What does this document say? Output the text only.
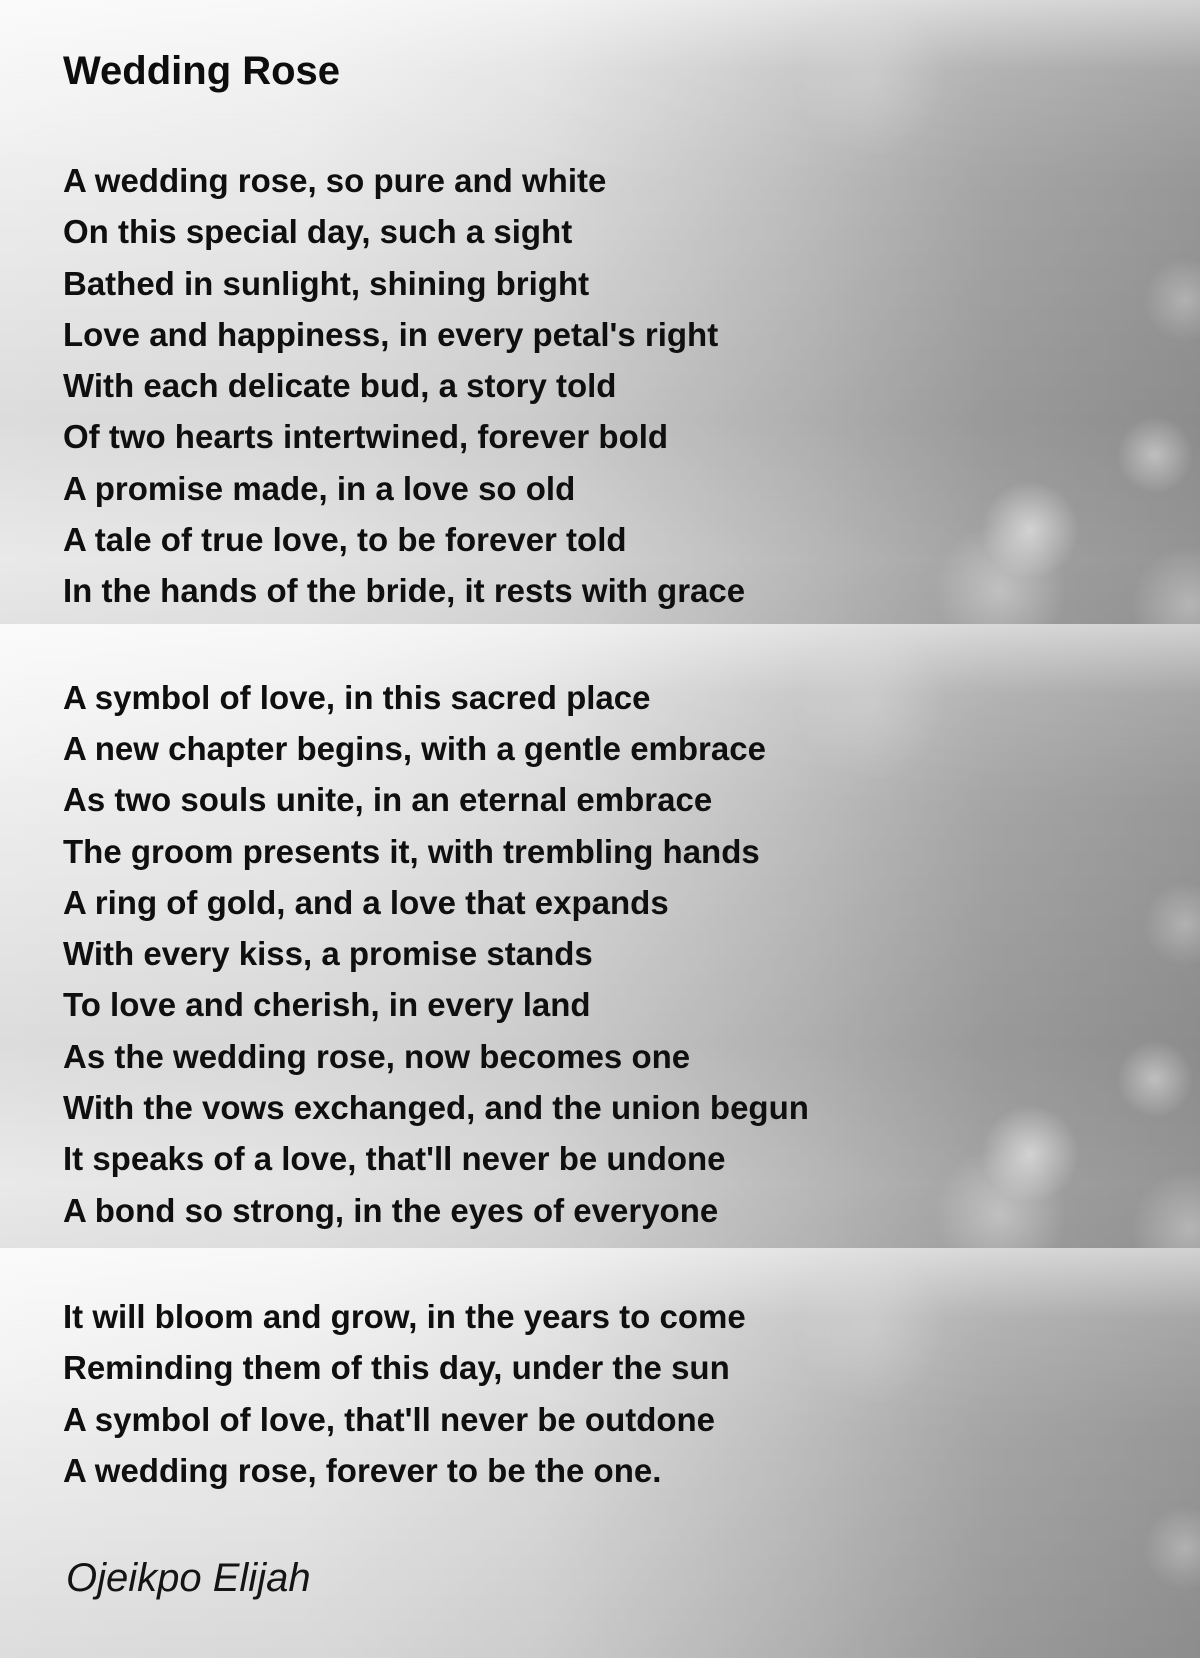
Wedding Rose

A wedding rose, so pure and white
On this special day, such a sight
Bathed in sunlight, shining bright
Love and happiness, in every petal's right
With each delicate bud, a story told
Of two hearts intertwined, forever bold
A promise made, in a love so old
A tale of true love, to be forever told
In the hands of the bride, it rests with grace

A symbol of love, in this sacred place
A new chapter begins, with a gentle embrace
As two souls unite, in an eternal embrace
The groom presents it, with trembling hands
A ring of gold, and a love that expands
With every kiss, a promise stands
To love and cherish, in every land
As the wedding rose, now becomes one
With the vows exchanged, and the union begun
It speaks of a love, that'll never be undone
A bond so strong, in the eyes of everyone

It will bloom and grow, in the years to come
Reminding them of this day, under the sun
A symbol of love, that'll never be outdone
A wedding rose, forever to be the one.

Ojeikpo Elijah
